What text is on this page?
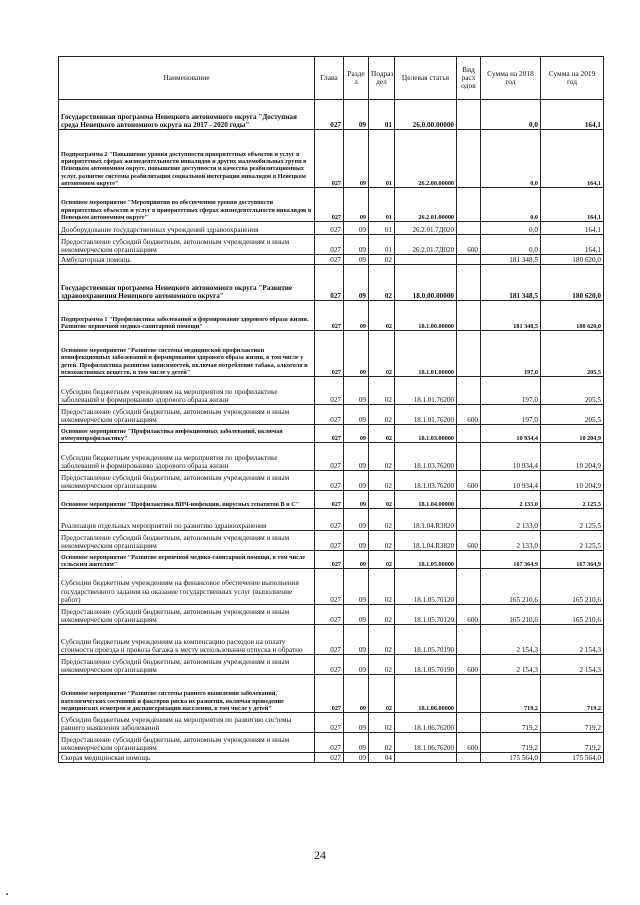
Наименование	Глава	Разде л	Подраз дел	Целевая статья	Вид расх одов	Сумма на 2018 год	Сумма на 2019 год
Государственная программа Ненецкого автономного округа "Доступная среда Ненецкого автономного округа на 2017 - 2020 годы"	027	09	01	26.0.00.00000		0,0	164,1
Подпрограмма 2 "Повышение уровня доступности приоритетных объектов и услуг в приоритетных сферах жизнедеятельности инвалидов и других маломобильных групп в Ненецком автономном округе, повышение доступности и качества реабилитационных услуг, развитие системы реабилитации социальной интеграции инвалидов в Ненецком автономном округе"	027	09	01	26.2.00.00000		0,0	164,1
Основное мероприятие "Мероприятия по обеспечению уровня доступности приоритетных объектов и услуг в приоритетных сферах жизнедеятельности инвалидов в Ненецком автономном округе"	027	09	01	26.2.01.00000		0,0	164,1
Дооборудование государственных учреждений здравоохранения	027	09	01	26.2.01.7Д020		0,0	164,1
Предоставление субсидий бюджетным, автономным учреждениям и иным некоммерческим организациям	027	09	01	26.2.01.7Д020	600	0,0	164,1
Амбулаторная помощь	027	09	02			181 348,5	180 620,0
Государственная программа Ненецкого автономного округа "Развитие здравоохранения Ненецкого автономного округа"	027	09	02	18.0.00.00000		181 348,5	180 620,0
Подпрограмма 1 "Профилактика заболеваний и формирование здорового образа жизни. Развитие первичной медико-санитарной помощи"	027	09	02	18.1.00.00000		181 348,5	180 620,0
Основное мероприятие "Развитие системы медицинской профилактики неинфекционных заболеваний и формирования здорового образа жизни, в том числе у детей. Профилактика развития зависимостей, включая потребление табака, алкоголя и психоактивных веществ, в том числе у детей"	027	09	02	18.1.01.00000		197,0	205,5
Субсидии бюджетным учреждениям на мероприятия по профилактике заболеваний и формированию здорового образа жизни	027	09	02	18.1.01.76200		197,0	205,5
Предоставление субсидий бюджетным, автономным учреждениям и иным некоммерческим организациям	027	09	02	18.1.01.76200	600	197,0	205,5
Основное мероприятие "Профилактика инфекционных заболеваний, включая иммунопрофилактику"	027	09	02	18.1.03.00000		10 934,4	10 204,9
Субсидии бюджетным учреждениям на мероприятия по профилактике заболеваний и формированию здорового образа жизни	027	09	02	18.1.03.76200		10 934,4	10 204,9
Предоставление субсидий бюджетным, автономным учреждениям и иным некоммерческим организациям	027	09	02	18.1.03.76200	600	10 934,4	10 204,9
Основное мероприятие "Профилактика ВИЧ-инфекции, вирусных гепатитов В и С"	027	09	02	18.1.04.00000		2 133,0	2 125,5
Реализация отдельных мероприятий по развитию здравоохранения	027	09	02	18.1.04.R3820		2 133,0	2 125,5
Предоставление субсидий бюджетным, автономным учреждениям и иным некоммерческим организациям	027	09	02	18.1.04.R3820	600	2 133,0	2 125,5
Основное мероприятие "Развитие первичной медико-санитарной помощи, в том числе сельским жителям"	027	09	02	18.1.05.00000		167 364,9	167 364,9
Субсидии бюджетным учреждениям на финансовое обеспечение выполнения государственного задания на оказание государственных услуг (выполнение работ)	027	09	02	18.1.05.70120		165 210,6	165 210,6
Предоставление субсидий бюджетным, автономным учреждениям и иным некоммерческим организациям	027	09	02	18.1.05.70120	600	165 210,6	165 210,6
Субсидии бюджетным учреждениям на компенсацию расходов на оплату стоимости проезда и провоза багажа к месту использования отпуска и обратно	027	09	02	18.1.05.70190		2 154,3	2 154,3
Предоставление субсидий бюджетным, автономным учреждениям и иным некоммерческим организациям	027	09	02	18.1.05.70190	600	2 154,3	2 154,3
Основное мероприятие "Развитие системы раннего выявления заболеваний, патологических состояний и факторов риска их развития, включая проведение медицинских осмотров и диспансеризации населения, в том числе у детей"	027	09	02	18.1.06.00000		719,2	719,2
Субсидии бюджетным учреждениям на мероприятия по развитию системы раннего выявления заболеваний	027	09	02	18.1.06.76200		719,2	719,2
Предоставление субсидий бюджетным, автономным учреждениям и иным некоммерческим организациям	027	09	02	18.1.06.76200	600	719,2	719,2
Скорая медицинская помощь	027	09	04			175 564,0	175 564,0
24
